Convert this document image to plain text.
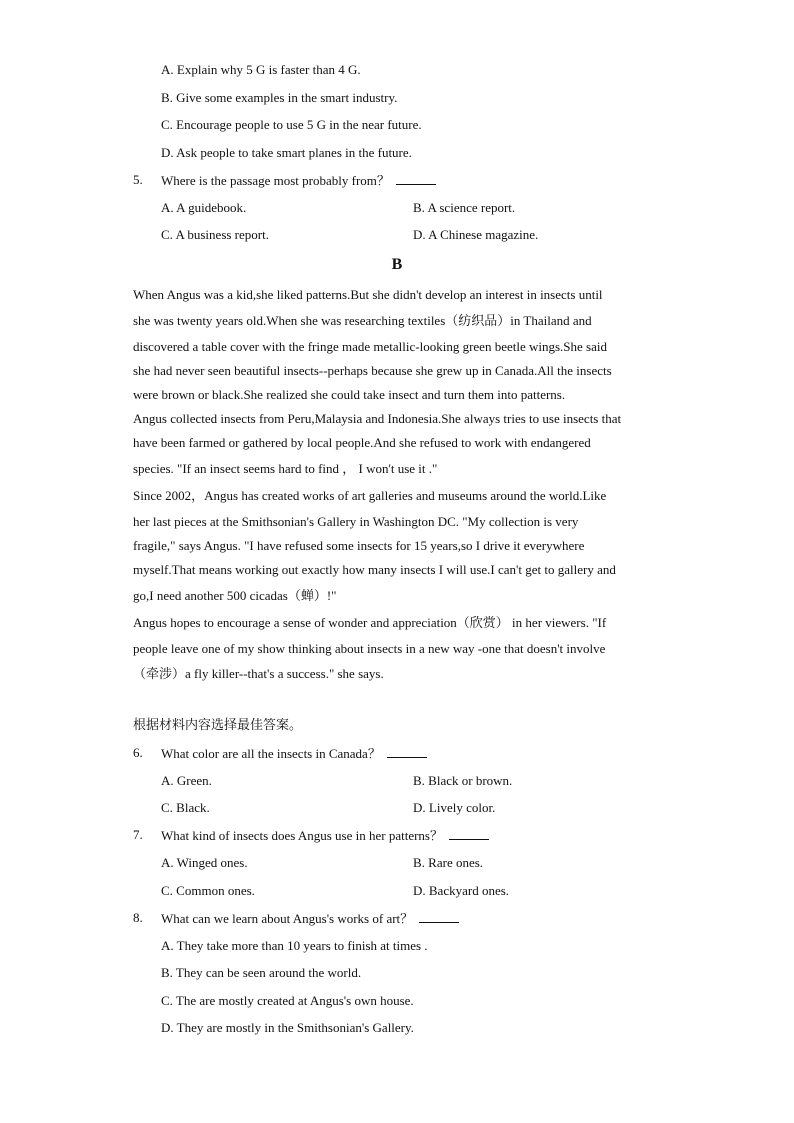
A. Explain why 5 G is faster than 4 G.
B. Give some examples in the smart industry.
C. Encourage people to use 5 G in the near future.
D. Ask people to take smart planes in the future.
5. Where is the passage most probably from？
A. A guidebook.	B. A science report.
C. A business report.	D. A Chinese magazine.
B
When Angus was a kid,she liked patterns.But she didn't develop an interest in insects until
she was twenty years old.When she was researching textiles（纺织品）in Thailand and
discovered a table cover with the fringe made metallic-looking green beetle wings.She said
she had never seen beautiful insects--perhaps because she grew up in Canada.All the insects
were brown or black.She realized she could take insect and turn them into patterns.
Angus collected insects from Peru,Malaysia and Indonesia.She always tries to use insects that
have been farmed or gathered by local people.And she refused to work with endangered
species. "If an insect seems hard to find ， I won't use it ."
Since 2002，Angus has created works of art galleries and museums around the world.Like
her last pieces at the Smithsonian's Gallery in Washington DC. "My collection is very
fragile," says Angus. "I have refused some insects for 15 years,so I drive it everywhere
myself.That means working out exactly how many insects I will use.I can't get to gallery and
go,I need another 500 cicadas（蝉）!"
Angus hopes to encourage a sense of wonder and appreciation（欣赏） in her viewers. "If
people leave one of my show thinking about insects in a new way -one that doesn't involve
（牵涉）a fly killer--that's a success." she says.
根据材料内容选择最佳答案。
6. What color are all the insects in Canada？
A. Green.	B. Black or brown.
C. Black.	D. Lively color.
7. What kind of insects does Angus use in her patterns？
A. Winged ones.	B. Rare ones.
C. Common ones.	D. Backyard ones.
8. What can we learn about Angus's works of art？
A. They take more than 10 years to finish at times .
B. They can be seen around the world.
C. The are mostly created at Angus's own house.
D. They are mostly in the Smithsonian's Gallery.
